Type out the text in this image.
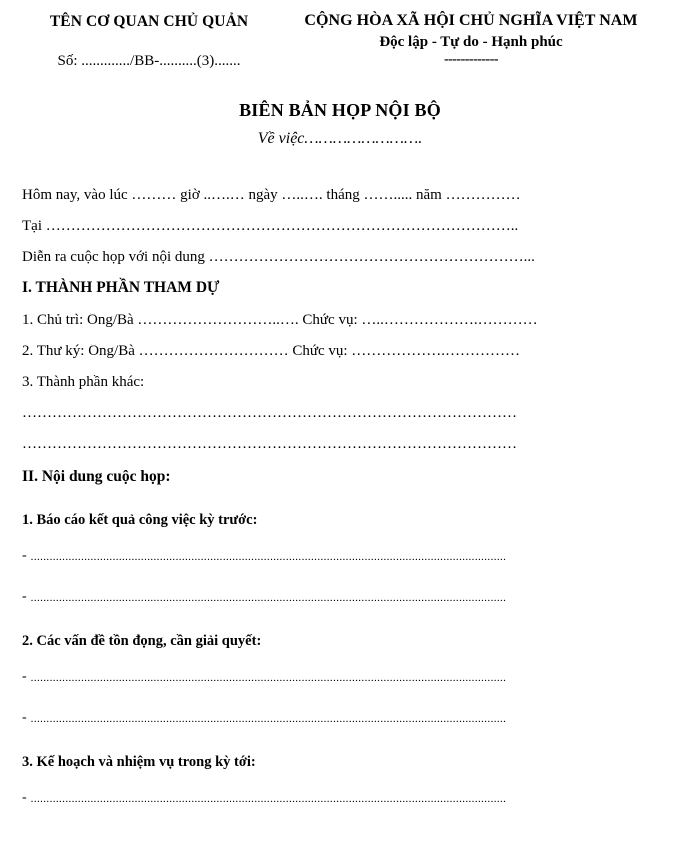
TÊN CƠ QUAN CHỦ QUẢN
Số: ............./BB-..........(3).......
CỘNG HÒA XÃ HỘI CHỦ NGHĨA VIỆT NAM
Độc lập - Tự do - Hạnh phúc
-------------
BIÊN BẢN HỌP NỘI BỘ
Về việc…………………….
Hôm nay, vào lúc ……… giờ ..….… ngày …..…. tháng ……..... năm ……………
Tại …………………………………………………………………………………..
Diễn ra cuộc họp với nội dung ………………………………………………………...
I. THÀNH PHẦN THAM DỰ
1. Chủ trì: Ông/Bà ………………………..…. Chức vụ: …..……………….…………
2. Thư ký: Ông/Bà ………………………… Chức vụ: ……………….……………
3. Thành phần khác:
………………………………………………………………………………………
………………………………………………………………………………………
II. Nội dung cuộc họp:
1. Báo cáo kết quả công việc kỳ trước:
- .......................................................................................................................................................
- .......................................................................................................................................................
2. Các vấn đề tồn đọng, cần giải quyết:
- .......................................................................................................................................................
- .......................................................................................................................................................
3. Kế hoạch và nhiệm vụ trong kỳ tới:
- .......................................................................................................................................................
